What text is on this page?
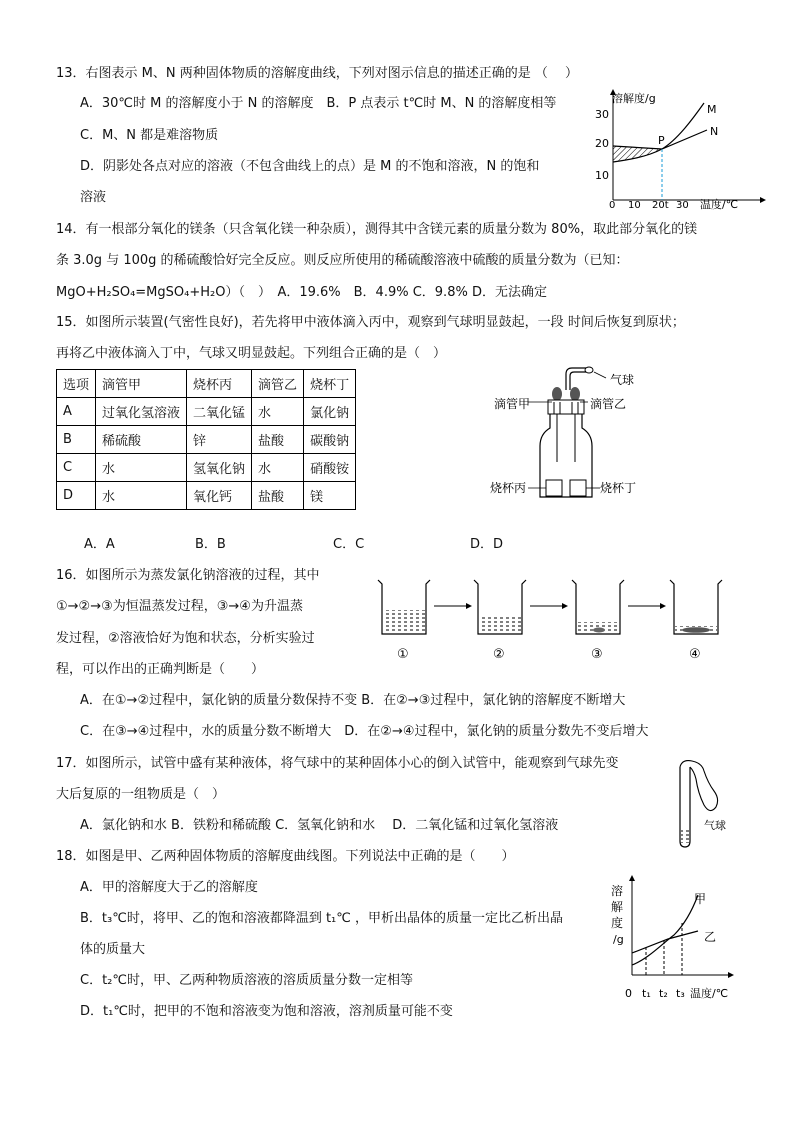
13．右图表示 M、N 两种固体物质的溶解度曲线，下列对图示信息的描述正确的是 （　 ）
A．30℃时 M 的溶解度小于 N 的溶解度　B．P 点表示 t℃时 M、N 的溶解度相等
C．M、N 都是难溶物质
D．阴影处各点对应的溶液（不包含曲线上的点）是 M 的不饱和溶液，N 的饱和
溶液
溶解度/g
30
20
10
0 10 20t 30 温度/℃
M
N
P
14．有一根部分氧化的镁条（只含氧化镁一种杂质），测得其中含镁元素的质量分数为 80%，取此部分氧化的镁
条 3.0g 与 100g 的稀硫酸恰好完全反应。则反应所使用的稀硫酸溶液中硫酸的质量分数为（已知：
MgO+H₂SO₄=MgSO₄+H₂O）（　）　A．19.6%　B．4.9% C．9.8% D．无法确定
15．如图所示装置(气密性良好)，若先将甲中液体滴入丙中，观察到气球明显鼓起，一段 时间后恢复到原状；
再将乙中液体滴入丁中，气球又明显鼓起。下列组合正确的是（　）
选项	滴管甲	烧杯丙	滴管乙	烧杯丁
A	过氧化氢溶液	二氧化锰	水	氯化钠
B	稀硫酸	锌	盐酸	碳酸钠
C	水	氢氧化钠	水	硝酸铵
D	水	氧化钙	盐酸	镁
A．A	B．B	C．C	D．D
气球
滴管甲	滴管乙
烧杯丙	烧杯丁
16．如图所示为蒸发氯化钠溶液的过程，其中
①→②→③为恒温蒸发过程，③→④为升温蒸
发过程，②溶液恰好为饱和状态，分析实验过
程，可以作出的正确判断是（　　）
A．在①→②过程中，氯化钠的质量分数保持不变 B．在②→③过程中，氯化钠的溶解度不断增大
C．在③→④过程中，水的质量分数不断增大　D．在②→④过程中，氯化钠的质量分数先不变后增大
①	②	③	④
17．如图所示，试管中盛有某种液体，将气球中的某种固体小心的倒入试管中，能观察到气球先变
大后复原的一组物质是（　）
A．氯化钠和水 B．铁粉和稀硫酸 C．氢氧化钠和水　 D．二氧化锰和过氧化氢溶液	气球
18．如图是甲、乙两种固体物质的溶解度曲线图。下列说法中正确的是（　　）
A．甲的溶解度大于乙的溶解度
B．t₃℃时，将甲、乙的饱和溶液都降温到 t₁℃ ，甲析出晶体的质量一定比乙析出晶
体的质量大
C．t₂℃时，甲、乙两种物质溶液的溶质质量分数一定相等
D．t₁℃时，把甲的不饱和溶液变为饱和溶液，溶剂质量可能不变
溶
解
度
/g
0 t₁ t₂ t₃ 温度/℃
甲
乙
